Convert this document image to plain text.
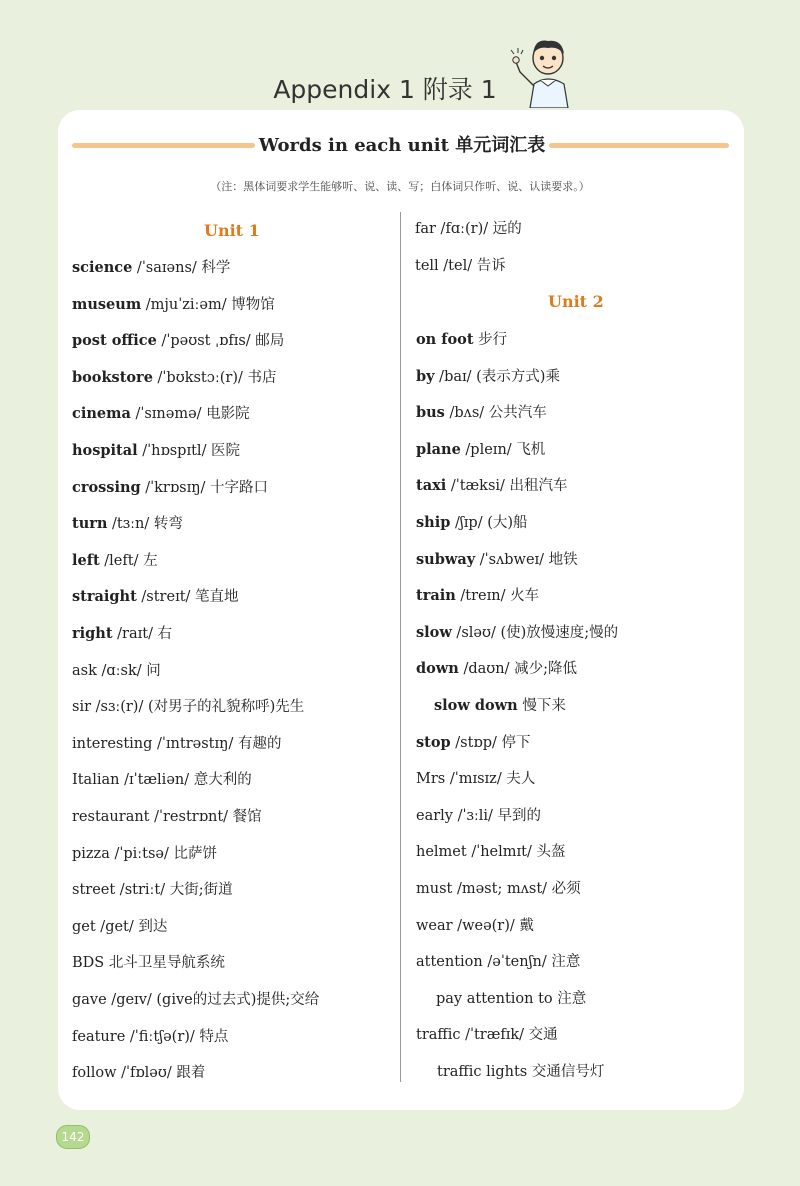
Appendix 1 附录 1
Words in each unit 单元词汇表
（注：黑体词要求学生能够听、说、读、写；白体词只作听、说、认读要求。）
Unit 1
science /ˈsaɪəns/ 科学
museum /mjuˈziːəm/ 博物馆
post office /ˈpəʊst ˌɒfɪs/ 邮局
bookstore /ˈbʊkstɔː(r)/ 书店
cinema /ˈsɪnəmə/ 电影院
hospital /ˈhɒspɪtl/ 医院
crossing /ˈkrɒsɪŋ/ 十字路口
turn /tɜːn/ 转弯
left /left/ 左
straight /streɪt/ 笔直地
right /raɪt/ 右
ask /ɑːsk/ 问
sir /sɜː(r)/ (对男子的礼貌称呼)先生
interesting /ˈɪntrəstɪŋ/ 有趣的
Italian /ɪˈtæliən/ 意大利的
restaurant /ˈrestrɒnt/ 餐馆
pizza /ˈpiːtsə/ 比萨饼
street /striːt/ 大街;街道
get /get/ 到达
BDS 北斗卫星导航系统
gave /geɪv/ (give的过去式)提供;交给
feature /ˈfiːtʃə(r)/ 特点
follow /ˈfɒləʊ/ 跟着
far /fɑː(r)/ 远的
tell /tel/ 告诉
Unit 2
on foot 步行
by /baɪ/ (表示方式)乘
bus /bʌs/ 公共汽车
plane /pleɪn/ 飞机
taxi /ˈtæksi/ 出租汽车
ship /ʃɪp/ (大)船
subway /ˈsʌbweɪ/ 地铁
train /treɪn/ 火车
slow /sləʊ/ (使)放慢速度;慢的
down /daʊn/ 减少;降低
slow down 慢下来
stop /stɒp/ 停下
Mrs /ˈmɪsɪz/ 夫人
early /ˈɜːli/ 早到的
helmet /ˈhelmɪt/ 头盔
must /məst; mʌst/ 必须
wear /weə(r)/ 戴
attention /əˈtenʃn/ 注意
pay attention to 注意
traffic /ˈtræfɪk/ 交通
traffic lights 交通信号灯
142
